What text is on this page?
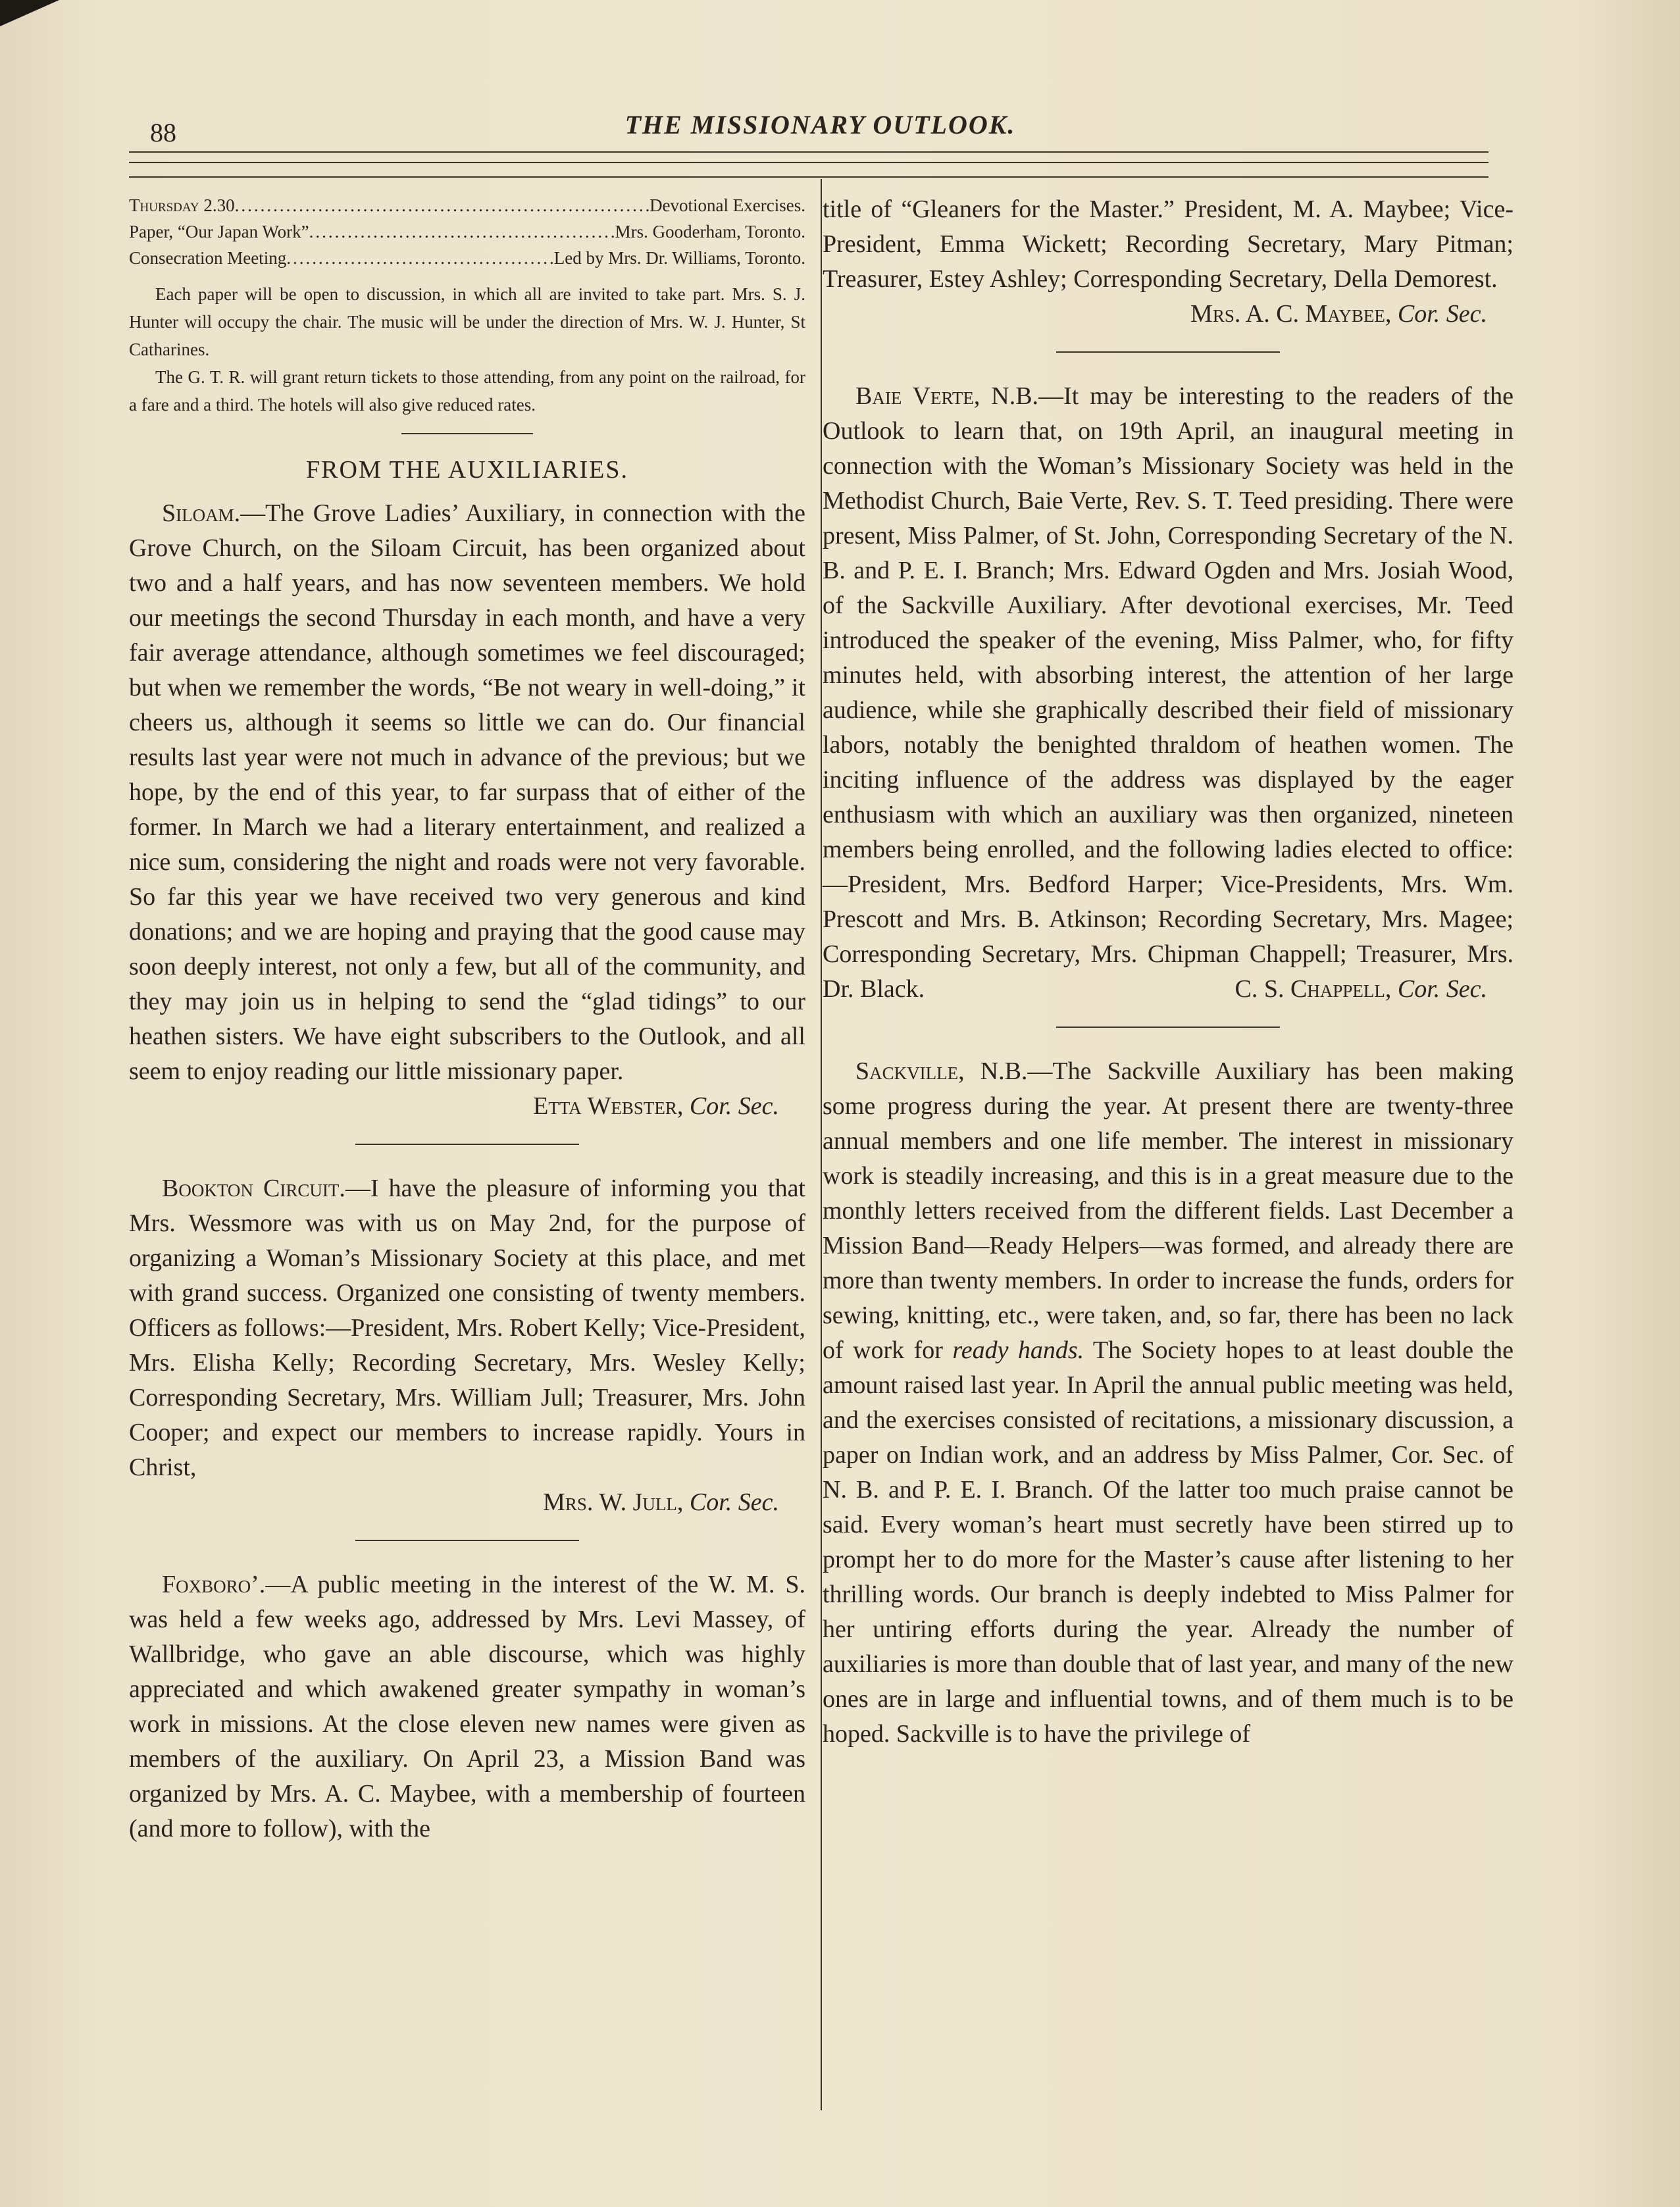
88	THE MISSIONARY OUTLOOK.
Thursday 2.30 .....	Devotional Exercises.
Paper, “Our Japan Work” .....	Mrs. Gooderham, Toronto.
Consecration Meeting .....	Led by Mrs. Dr. Williams, Toronto.

Each paper will be open to discussion, in which all are invited to take part. Mrs. S. J. Hunter will occupy the chair. The music will be under the direction of Mrs. W. J. Hunter, St Catharines.

The G. T. R. will grant return tickets to those attending, from any point on the railroad, for a fare and a third. The hotels will also give reduced rates.

FROM THE AUXILIARIES.

Siloam.—The Grove Ladies’ Auxiliary, in connection with the Grove Church, on the Siloam Circuit, has been organized about two and a half years, and has now seventeen members. We hold our meetings the second Thursday in each month, and have a very fair average attendance, although sometimes we feel discouraged; but when we remember the words, “Be not weary in well-doing,” it cheers us, although it seems so little we can do. Our financial results last year were not much in advance of the previous; but we hope, by the end of this year, to far surpass that of either of the former. In March we had a literary entertainment, and realized a nice sum, considering the night and roads were not very favorable. So far this year we have received two very generous and kind donations; and we are hoping and praying that the good cause may soon deeply interest, not only a few, but all of the community, and they may join us in helping to send the “glad tidings” to our heathen sisters. We have eight subscribers to the Outlook, and all seem to enjoy reading our little missionary paper.
Etta Webster, Cor. Sec.

Bookton Circuit.—I have the pleasure of informing you that Mrs. Wessmore was with us on May 2nd, for the purpose of organizing a Woman’s Missionary Society at this place, and met with grand success. Organized one consisting of twenty members. Officers as follows:—President, Mrs. Robert Kelly; Vice-President, Mrs. Elisha Kelly; Recording Secretary, Mrs. Wesley Kelly; Corresponding Secretary, Mrs. William Jull; Treasurer, Mrs. John Cooper; and expect our members to increase rapidly. Yours in Christ,

Mrs. W. Jull, Cor. Sec.

Foxboro’.—A public meeting in the interest of the W. M. S. was held a few weeks ago, addressed by Mrs. Levi Massey, of Wallbridge, who gave an able discourse, which was highly appreciated and which awakened greater sympathy in woman’s work in missions. At the close eleven new names were given as members of the auxiliary. On April 23, a Mission Band was organized by Mrs. A. C. Maybee, with a membership of fourteen (and more to follow), with the

title of “Gleaners for the Master.” President, M. A. Maybee; Vice-President, Emma Wickett; Recording Secretary, Mary Pitman; Treasurer, Estey Ashley; Corresponding Secretary, Della Demorest.

Mrs. A. C. Maybee, Cor. Sec.

Baie Verte, N.B.—It may be interesting to the readers of the Outlook to learn that, on 19th April, an inaugural meeting in connection with the Woman’s Missionary Society was held in the Methodist Church, Baie Verte, Rev. S. T. Teed presiding. There were present, Miss Palmer, of St. John, Corresponding Secretary of the N. B. and P. E. I. Branch; Mrs. Edward Ogden and Mrs. Josiah Wood, of the Sackville Auxiliary. After devotional exercises, Mr. Teed introduced the speaker of the evening, Miss Palmer, who, for fifty minutes held, with absorbing interest, the attention of her large audience, while she graphically described their field of missionary labors, notably the benighted thraldom of heathen women. The inciting influence of the address was displayed by the eager enthusiasm with which an auxiliary was then organized, nineteen members being enrolled, and the following ladies elected to office:—President, Mrs. Bedford Harper; Vice-Presidents, Mrs. Wm. Prescott and Mrs. B. Atkinson; Recording Secretary, Mrs. Magee; Corresponding Secretary, Mrs. Chipman Chappell; Treasurer, Mrs. Dr. Black.	C. S. Chappell, Cor. Sec.

Sackville, N.B.—The Sackville Auxiliary has been making some progress during the year. At present there are twenty-three annual members and one life member. The interest in missionary work is steadily increasing, and this is in a great measure due to the monthly letters received from the different fields. Last December a Mission Band—Ready Helpers—was formed, and already there are more than twenty members. In order to increase the funds, orders for sewing, knitting, etc., were taken, and, so far, there has been no lack of work for ready hands. The Society hopes to at least double the amount raised last year. In April the annual public meeting was held, and the exercises consisted of recitations, a missionary discussion, a paper on Indian work, and an address by Miss Palmer, Cor. Sec. of N. B. and P. E. I. Branch. Of the latter too much praise cannot be said. Every woman’s heart must secretly have been stirred up to prompt her to do more for the Master’s cause after listening to her thrilling words. Our branch is deeply indebted to Miss Palmer for her untiring efforts during the year. Already the number of auxiliaries is more than double that of last year, and many of the new ones are in large and influential towns, and of them much is to be hoped. Sackville is to have the privilege of
